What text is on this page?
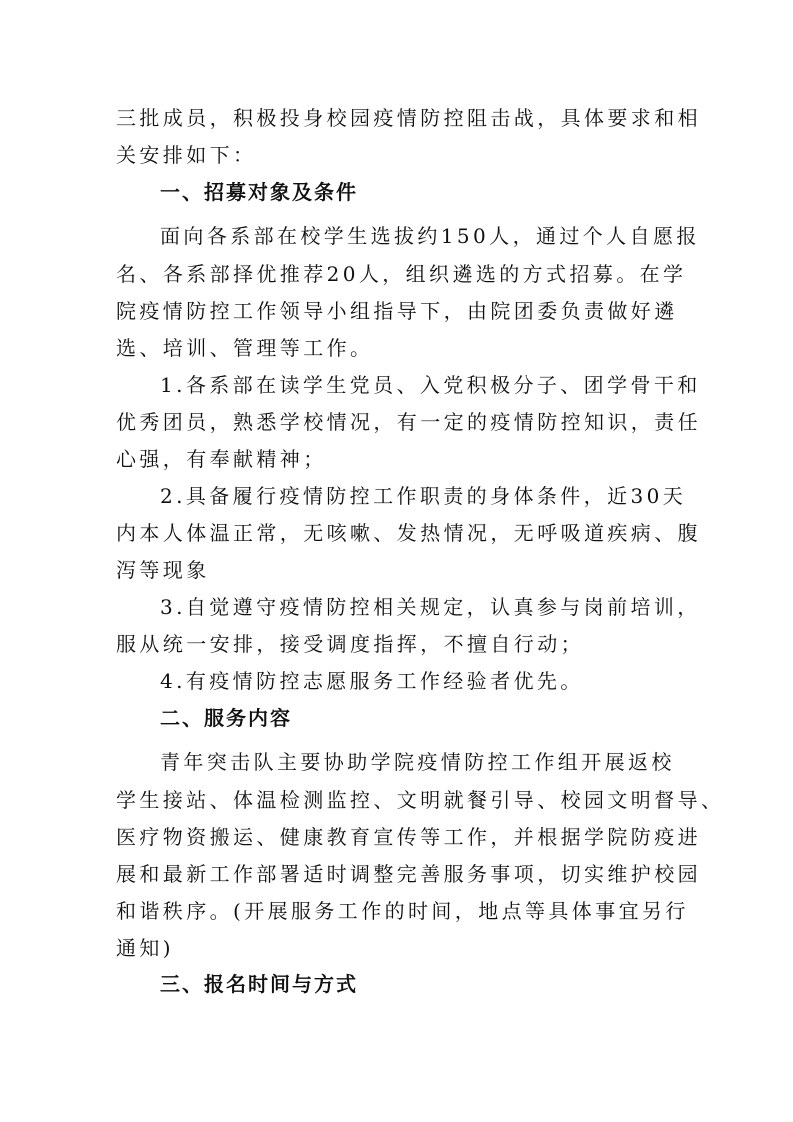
三批成员，积极投身校园疫情防控阻击战，具体要求和相
关安排如下：
一、招募对象及条件
面向各系部在校学生选拔约150人，通过个人自愿报
名、各系部择优推荐20人，组织遴选的方式招募。在学
院疫情防控工作领导小组指导下，由院团委负责做好遴
选、培训、管理等工作。
1.各系部在读学生党员、入党积极分子、团学骨干和
优秀团员，熟悉学校情况，有一定的疫情防控知识，责任
心强，有奉献精神；
2.具备履行疫情防控工作职责的身体条件，近30天
内本人体温正常，无咳嗽、发热情况，无呼吸道疾病、腹
泻等现象
3.自觉遵守疫情防控相关规定，认真参与岗前培训，
服从统一安排，接受调度指挥，不擅自行动；
4.有疫情防控志愿服务工作经验者优先。
二、服务内容
青年突击队主要协助学院疫情防控工作组开展返校
学生接站、体温检测监控、文明就餐引导、校园文明督导、
医疗物资搬运、健康教育宣传等工作，并根据学院防疫进
展和最新工作部署适时调整完善服务事项，切实维护校园
和谐秩序。(开展服务工作的时间，地点等具体事宜另行
通知)
三、报名时间与方式
